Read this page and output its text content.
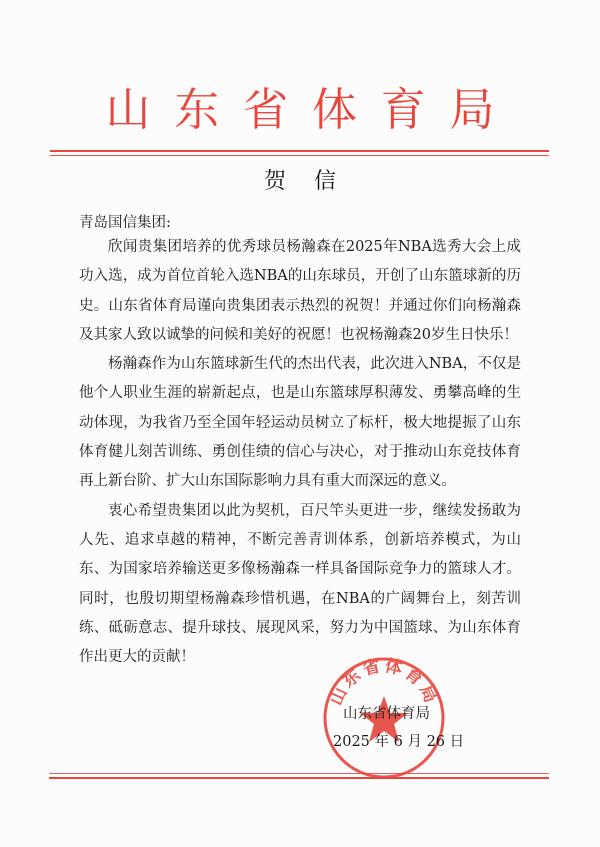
山 东 省 体 育 局
贺信
青岛国信集团:

欣闻贵集团培养的优秀球员杨瀚森在2025年NBA选秀大会上成功入选，成为首位首轮入选NBA的山东球员，开创了山东篮球新的历史。山东省体育局谨向贵集团表示热烈的祝贺！并通过你们向杨瀚森及其家人致以诚挚的问候和美好的祝愿！也祝杨瀚森20岁生日快乐！

杨瀚森作为山东篮球新生代的杰出代表，此次进入NBA，不仅是他个人职业生涯的崭新起点，也是山东篮球厚积薄发、勇攀高峰的生动体现，为我省乃至全国年轻运动员树立了标杆，极大地提振了山东体育健儿刻苦训练、勇创佳绩的信心与决心，对于推动山东竞技体育再上新台阶、扩大山东国际影响力具有重大而深远的意义。

衷心希望贵集团以此为契机，百尺竿头更进一步，继续发扬敢为人先、追求卓越的精神，不断完善青训体系，创新培养模式，为山东、为国家培养输送更多像杨瀚森一样具备国际竞争力的篮球人才。同时，也殷切期望杨瀚森珍惜机遇，在NBA的广阔舞台上，刻苦训练、砥砺意志、提升球技、展现风采，努力为中国篮球、为山东体育作出更大的贡献！

山东省体育局
山东省体育局
2025 年 6 月 26 日
